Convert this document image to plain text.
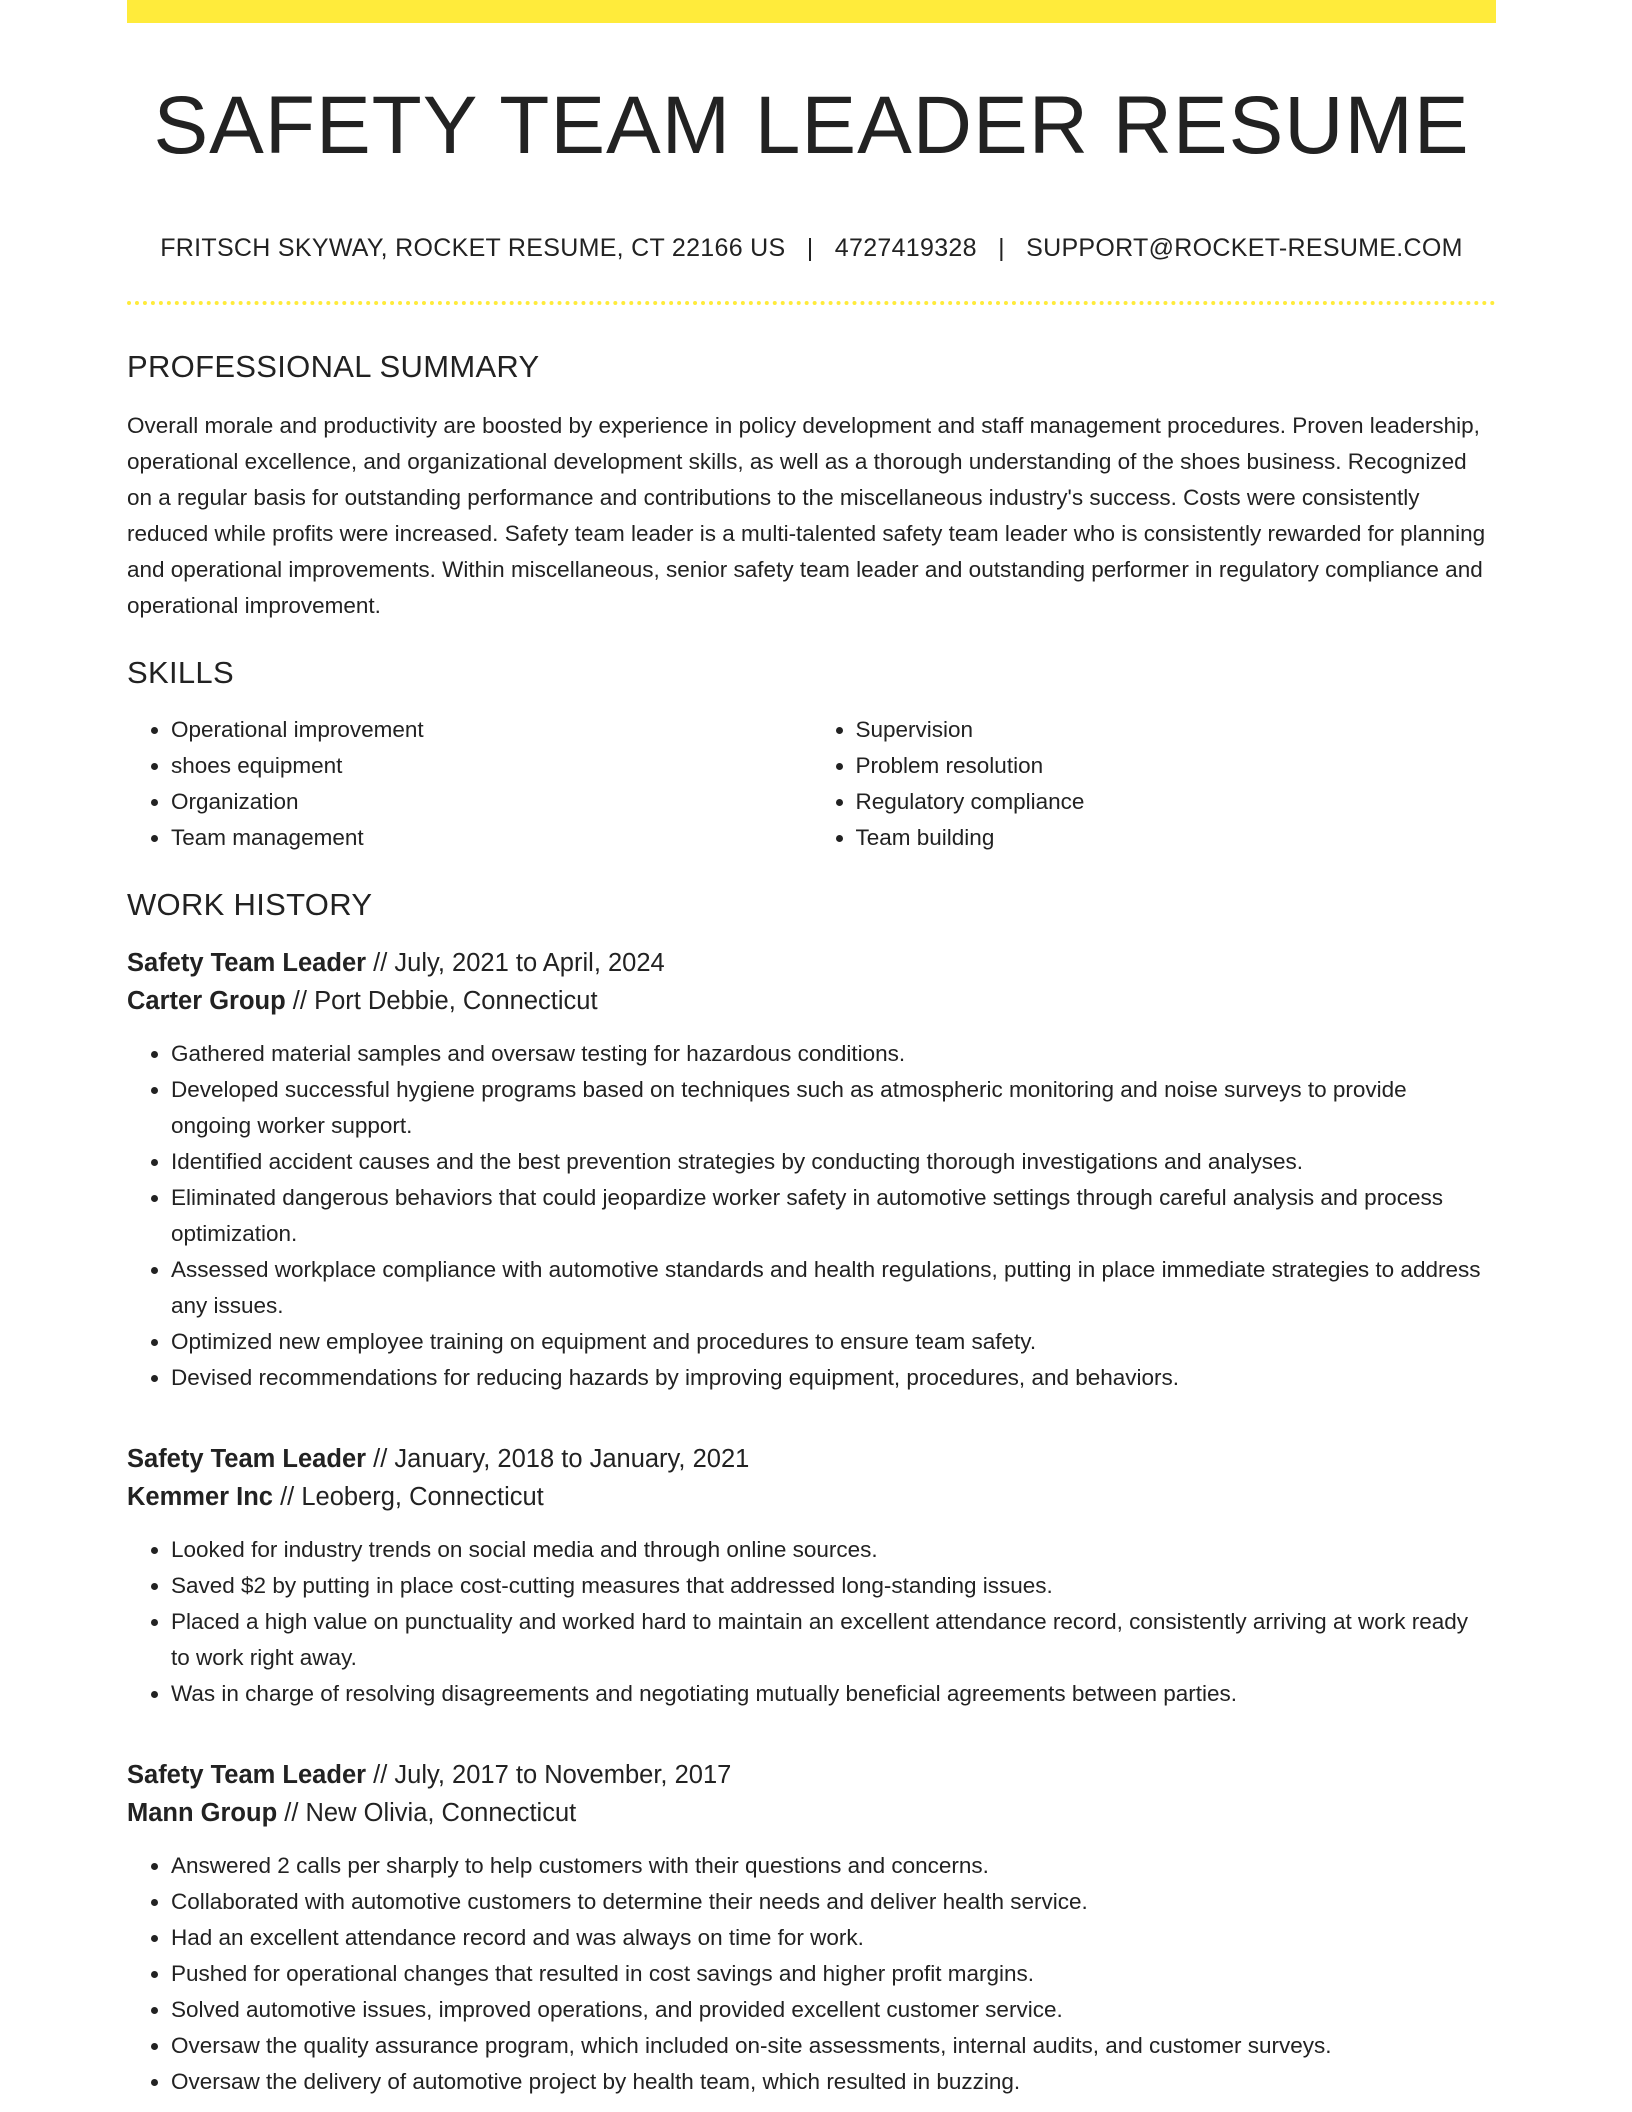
SAFETY TEAM LEADER RESUME
FRITSCH SKYWAY, ROCKET RESUME, CT 22166 US | 4727419328 | SUPPORT@ROCKET-RESUME.COM
PROFESSIONAL SUMMARY

Overall morale and productivity are boosted by experience in policy development and staff management procedures. Proven leadership, operational excellence, and organizational development skills, as well as a thorough understanding of the shoes business. Recognized on a regular basis for outstanding performance and contributions to the miscellaneous industry's success. Costs were consistently reduced while profits were increased. Safety team leader is a multi-talented safety team leader who is consistently rewarded for planning and operational improvements. Within miscellaneous, senior safety team leader and outstanding performer in regulatory compliance and operational improvement.

SKILLS
• Operational improvement
• shoes equipment
• Organization
• Team management
• Supervision
• Problem resolution
• Regulatory compliance
• Team building
WORK HISTORY
Safety Team Leader // July, 2021 to April, 2024
Carter Group // Port Debbie, Connecticut
• Gathered material samples and oversaw testing for hazardous conditions.
• Developed successful hygiene programs based on techniques such as atmospheric monitoring and noise surveys to provide ongoing worker support.
• Identified accident causes and the best prevention strategies by conducting thorough investigations and analyses.
• Eliminated dangerous behaviors that could jeopardize worker safety in automotive settings through careful analysis and process optimization.
• Assessed workplace compliance with automotive standards and health regulations, putting in place immediate strategies to address any issues.
• Optimized new employee training on equipment and procedures to ensure team safety.
• Devised recommendations for reducing hazards by improving equipment, procedures, and behaviors.
Safety Team Leader // January, 2018 to January, 2021
Kemmer Inc // Leoberg, Connecticut
• Looked for industry trends on social media and through online sources.
• Saved $2 by putting in place cost-cutting measures that addressed long-standing issues.
• Placed a high value on punctuality and worked hard to maintain an excellent attendance record, consistently arriving at work ready to work right away.
• Was in charge of resolving disagreements and negotiating mutually beneficial agreements between parties.
Safety Team Leader // July, 2017 to November, 2017
Mann Group // New Olivia, Connecticut
• Answered 2 calls per sharply to help customers with their questions and concerns.
• Collaborated with automotive customers to determine their needs and deliver health service.
• Had an excellent attendance record and was always on time for work.
• Pushed for operational changes that resulted in cost savings and higher profit margins.
• Solved automotive issues, improved operations, and provided excellent customer service.
• Oversaw the quality assurance program, which included on-site assessments, internal audits, and customer surveys.
• Oversaw the delivery of automotive project by health team, which resulted in buzzing.
